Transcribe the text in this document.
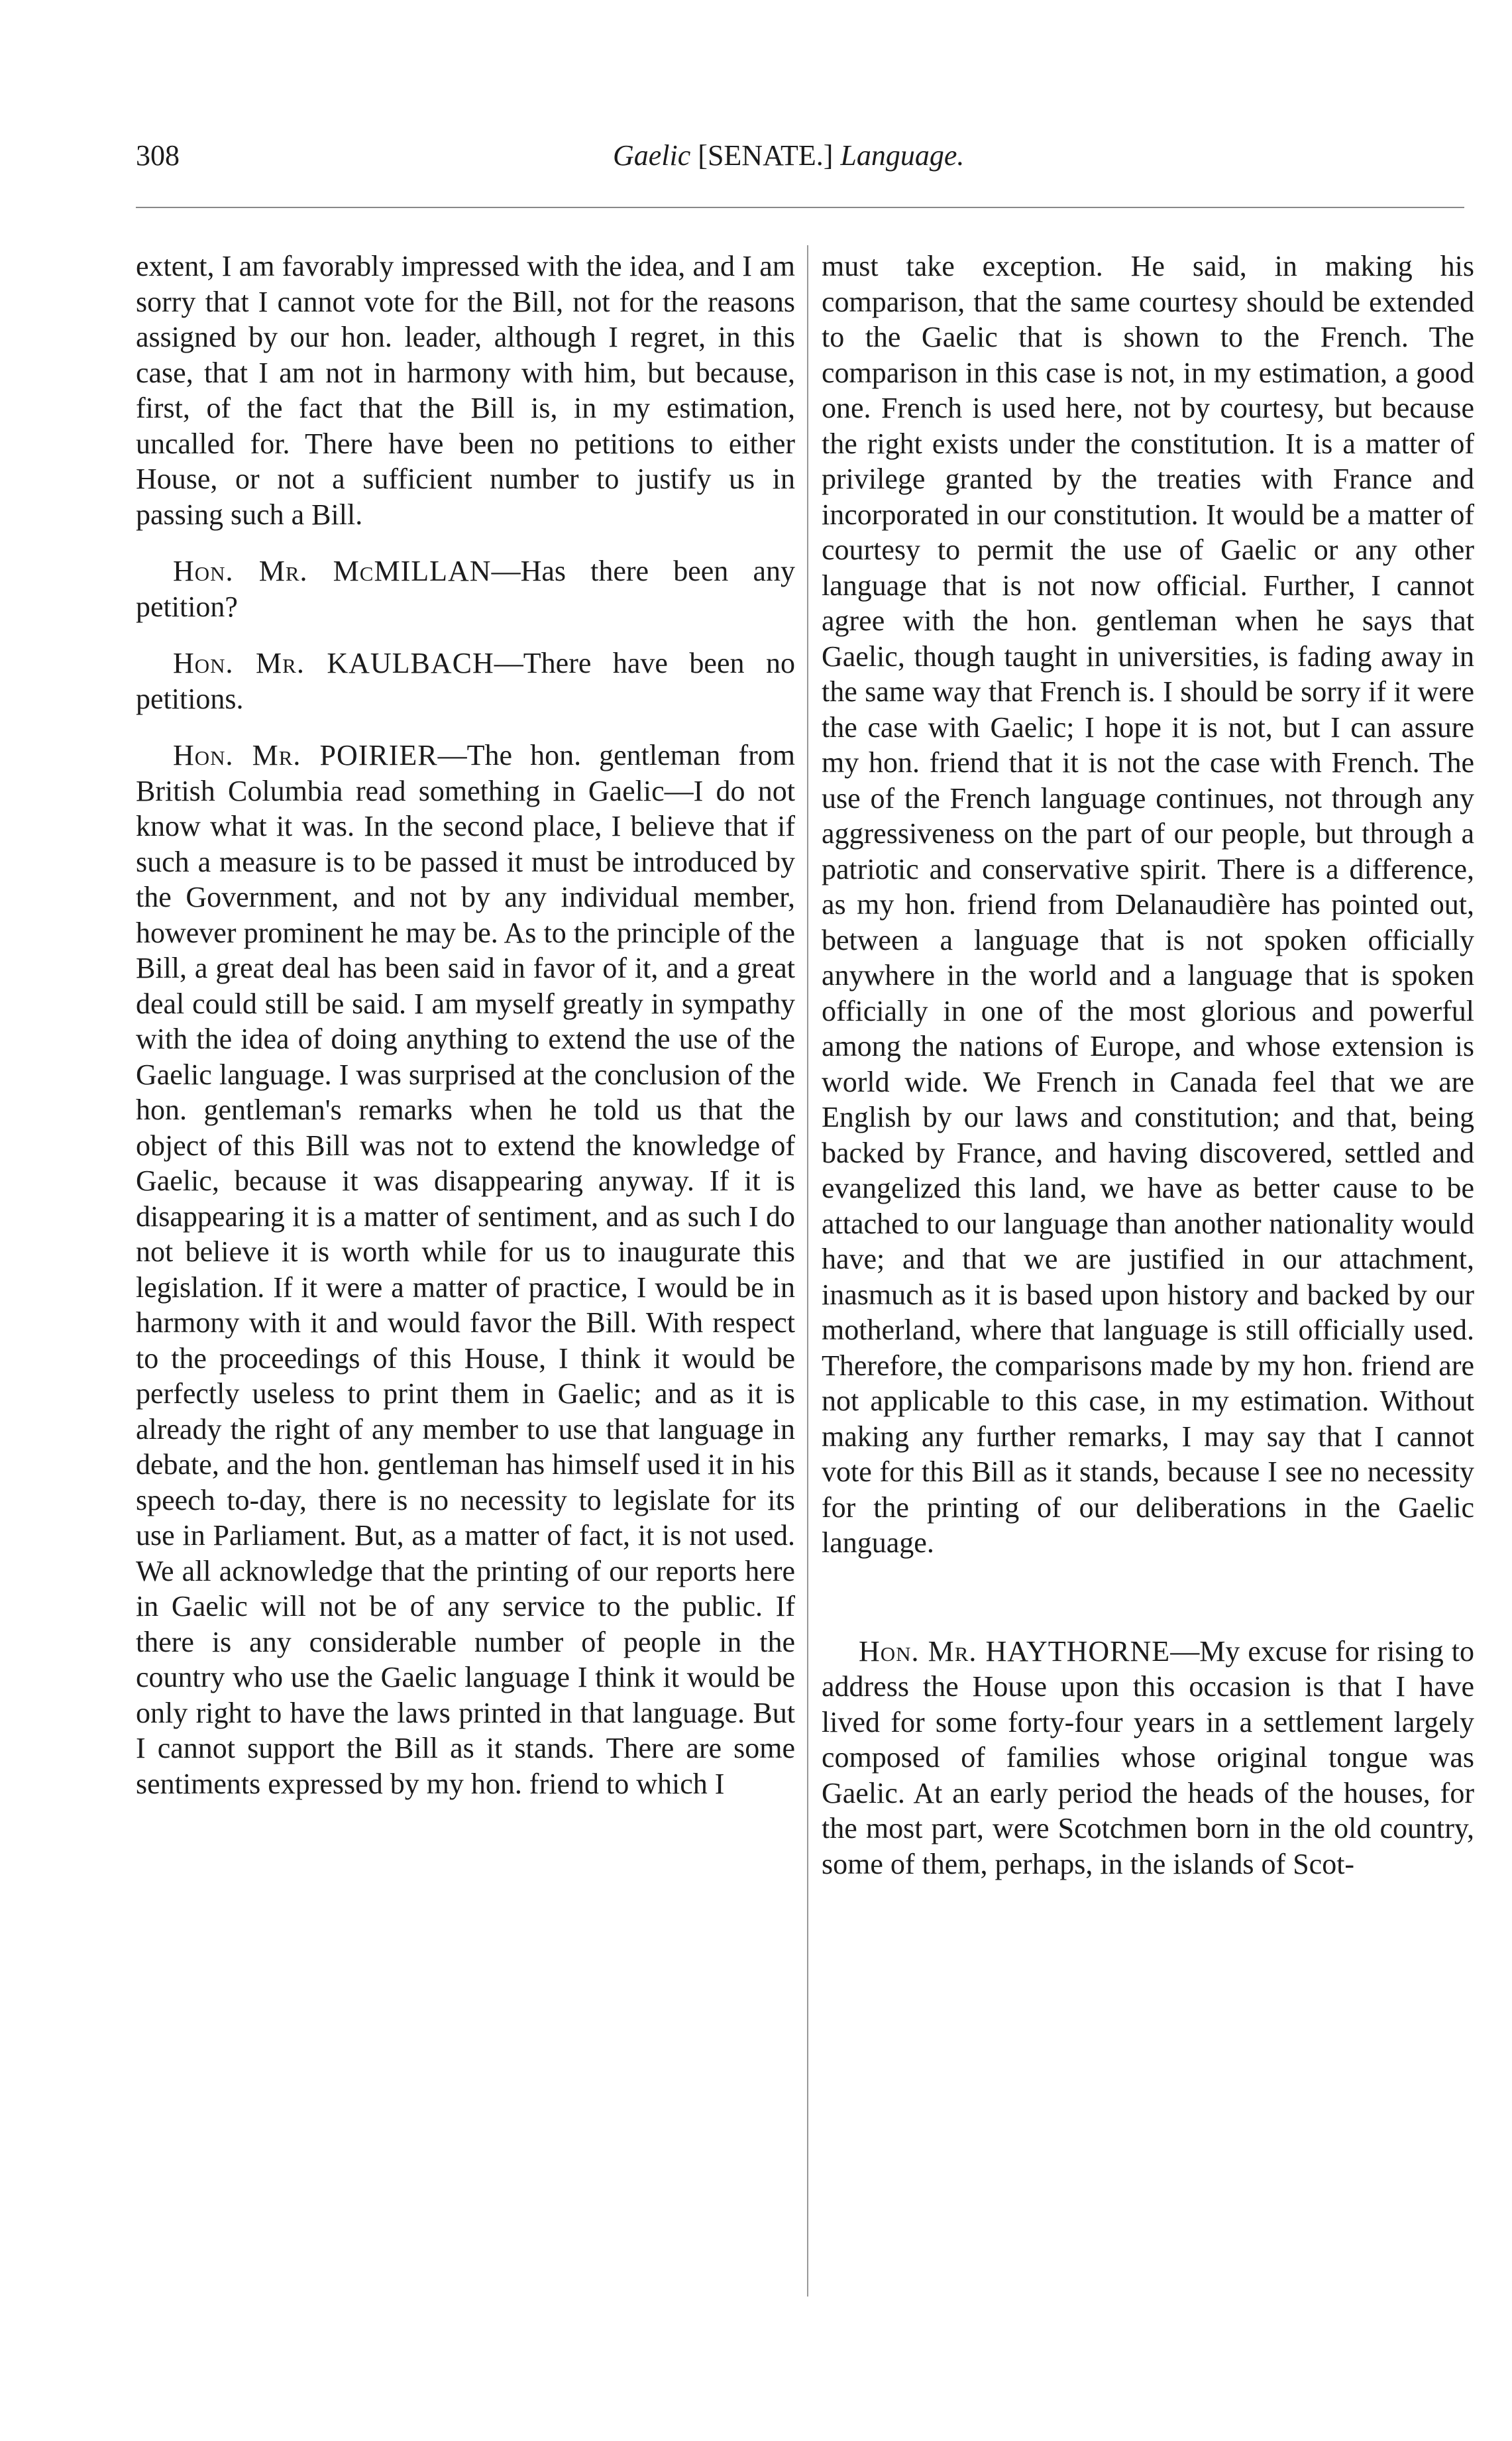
308	Gaelic [SENATE.] Language.

extent, I am favorably impressed with the idea, and I am sorry that I cannot vote for the Bill, not for the reasons assigned by our hon. leader, although I regret, in this case, that I am not in harmony with him, but because, first, of the fact that the Bill is, in my estimation, uncalled for. There have been no petitions to either House, or not a sufficient number to justify us in passing such a Bill.

Hon. Mr. McMILLAN—Has there been any petition?

Hon. Mr. KAULBACH—There have been no petitions.

Hon. Mr. POIRIER—The hon. gentleman from British Columbia read something in Gaelic—I do not know what it was. In the second place, I believe that if such a measure is to be passed it must be introduced by the Government, and not by any individual member, however prominent he may be. As to the principle of the Bill, a great deal has been said in favor of it, and a great deal could still be said. I am myself greatly in sympathy with the idea of doing anything to extend the use of the Gaelic language. I was surprised at the conclusion of the hon. gentleman's remarks when he told us that the object of this Bill was not to extend the knowledge of Gaelic, because it was disappearing anyway. If it is disappearing it is a matter of sentiment, and as such I do not believe it is worth while for us to inaugurate this legislation. If it were a matter of practice, I would be in harmony with it and would favor the Bill. With respect to the proceedings of this House, I think it would be perfectly useless to print them in Gaelic; and as it is already the right of any member to use that language in debate, and the hon. gentleman has himself used it in his speech to-day, there is no necessity to legislate for its use in Parliament. But, as a matter of fact, it is not used. We all acknowledge that the printing of our reports here in Gaelic will not be of any service to the public. If there is any considerable number of people in the country who use the Gaelic language I think it would be only right to have the laws printed in that language. But I cannot support the Bill as it stands. There are some sentiments expressed by my hon. friend to which I

must take exception. He said, in making his comparison, that the same courtesy should be extended to the Gaelic that is shown to the French. The comparison in this case is not, in my estimation, a good one. French is used here, not by courtesy, but because the right exists under the constitution. It is a matter of privilege granted by the treaties with France and incorporated in our constitution. It would be a matter of courtesy to permit the use of Gaelic or any other language that is not now official. Further, I cannot agree with the hon. gentleman when he says that Gaelic, though taught in universities, is fading away in the same way that French is. I should be sorry if it were the case with Gaelic; I hope it is not, but I can assure my hon. friend that it is not the case with French. The use of the French language continues, not through any aggressiveness on the part of our people, but through a patriotic and conservative spirit. There is a difference, as my hon. friend from Delanaudière has pointed out, between a language that is not spoken officially anywhere in the world and a language that is spoken officially in one of the most glorious and powerful among the nations of Europe, and whose extension is world wide. We French in Canada feel that we are English by our laws and constitution; and that, being backed by France, and having discovered, settled and evangelized this land, we have as better cause to be attached to our language than another nationality would have; and that we are justified in our attachment, inasmuch as it is based upon history and backed by our motherland, where that language is still officially used. Therefore, the comparisons made by my hon. friend are not applicable to this case, in my estimation. Without making any further remarks, I may say that I cannot vote for this Bill as it stands, because I see no necessity for the printing of our deliberations in the Gaelic language.

Hon. Mr. HAYTHORNE—My excuse for rising to address the House upon this occasion is that I have lived for some forty-four years in a settlement largely composed of families whose original tongue was Gaelic. At an early period the heads of the houses, for the most part, were Scotchmen born in the old country, some of them, perhaps, in the islands of Scot-
